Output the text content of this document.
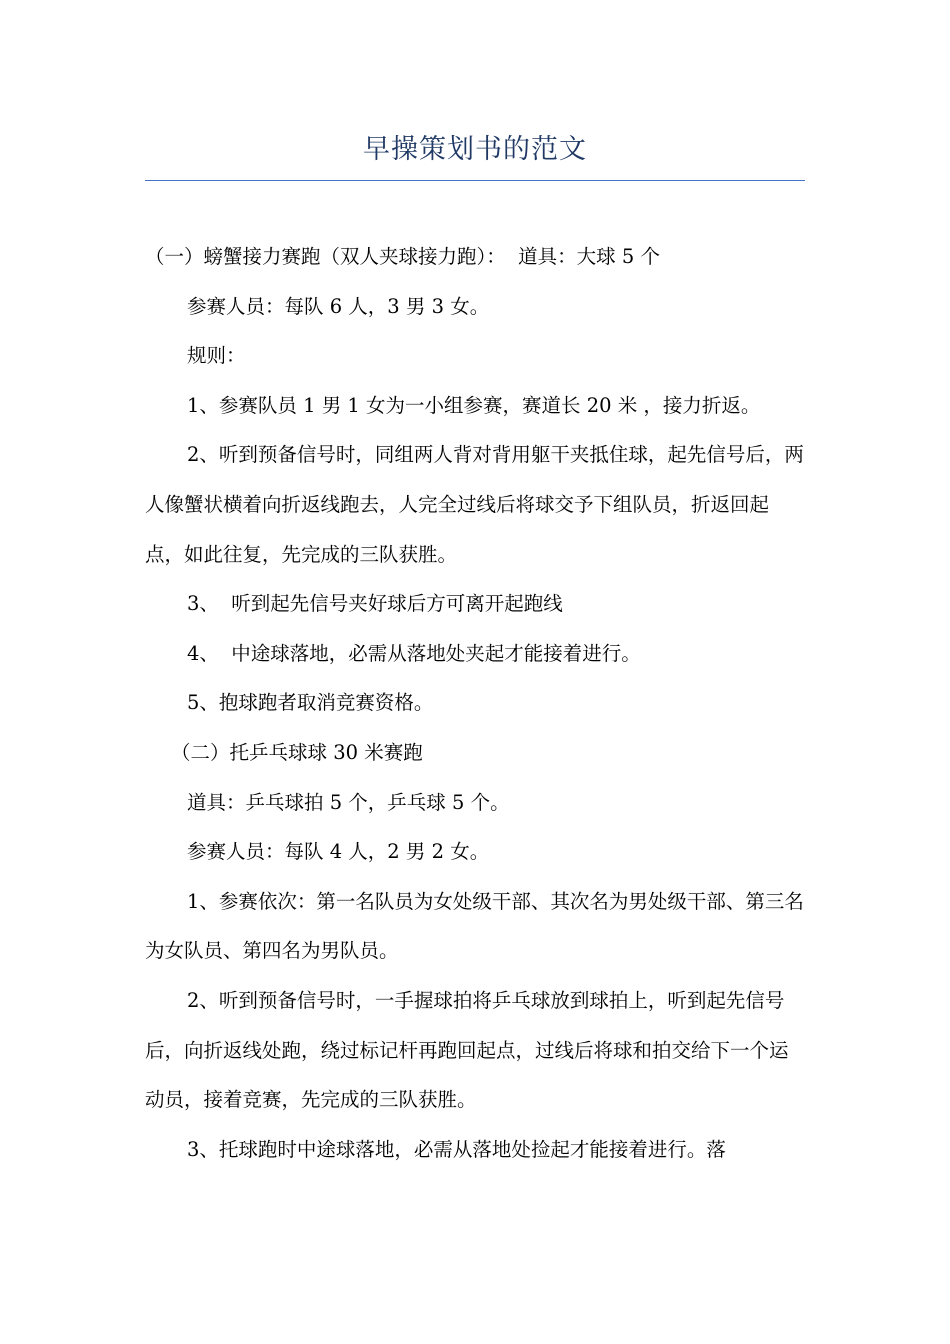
早操策划书的范文

（一）螃蟹接力赛跑（双人夹球接力跑）：  道具：大球 5 个

参赛人员：每队 6 人，3 男 3 女。

规则：

1、参赛队员 1 男 1 女为一小组参赛，赛道长 20 米 ，接力折返。

2、听到预备信号时，同组两人背对背用躯干夹抵住球，起先信号后，两人像蟹状横着向折返线跑去，人完全过线后将球交予下组队员，折返回起点，如此往复，先完成的三队获胜。

3、  听到起先信号夹好球后方可离开起跑线

4、  中途球落地，必需从落地处夹起才能接着进行。

5、抱球跑者取消竞赛资格。

（二）托乒乓球球 30 米赛跑

道具：乒乓球拍 5 个，乒乓球 5 个。

参赛人员：每队 4 人，2 男 2 女。

1、参赛依次：第一名队员为女处级干部、其次名为男处级干部、第三名为女队员、第四名为男队员。

2、听到预备信号时，一手握球拍将乒乓球放到球拍上，听到起先信号后，向折返线处跑，绕过标记杆再跑回起点，过线后将球和拍交给下一个运动员，接着竞赛，先完成的三队获胜。

3、托球跑时中途球落地，必需从落地处捡起才能接着进行。落
